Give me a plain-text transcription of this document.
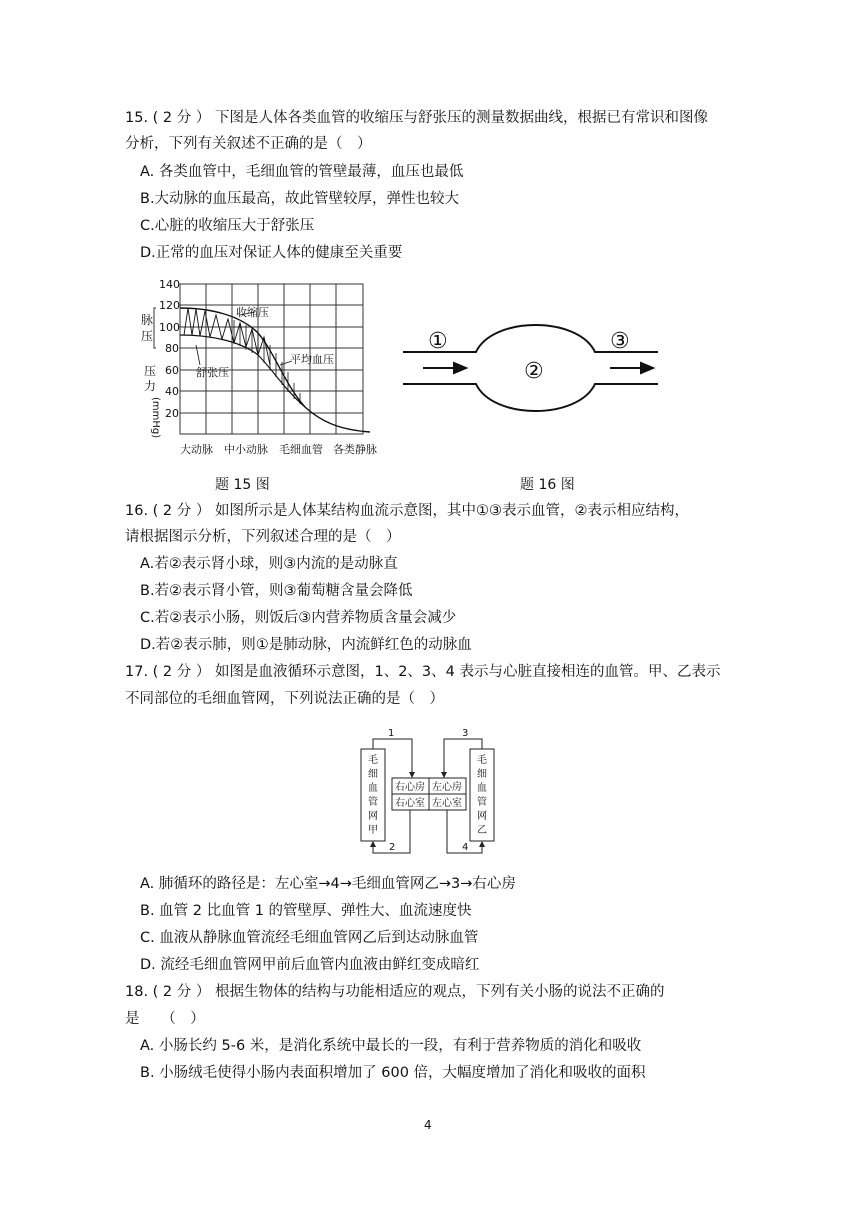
15. ( 2 分 ） 下图是人体各类血管的收缩压与舒张压的测量数据曲线，根据已有常识和图像
分析，下列有关叙述不正确的是（　）
A. 各类血管中，毛细血管的管壁最薄，血压也最低
B.大动脉的血压最高，故此管壁较厚，弹性也较大
C.心脏的收缩压大于舒张压
D.正常的血压对保证人体的健康至关重要
140
120
100
80
60
40
20
脉
压
压
力
(mmHg)
收缩压
平均血压
舒张压
大动脉 中小动脉 毛细血管 各类静脉
①
②
③
题 15 图	题 16 图
16. ( 2 分 ） 如图所示是人体某结构血流示意图，其中①③表示血管，②表示相应结构，
请根据图示分析，下列叙述合理的是（　）
A.若②表示肾小球，则③内流的是动脉直
B.若②表示肾小管，则③葡萄糖含量会降低
C.若②表示小肠，则饭后③内营养物质含量会减少
D.若②表示肺，则①是肺动脉，内流鲜红色的动脉血
17. ( 2 分 ） 如图是血液循环示意图，1、2、3、4 表示与心脏直接相连的血管。甲、乙表示
不同部位的毛细血管网，下列说法正确的是（　）
右心房 左心房
右心室 左心室
毛
细
血
管
网
甲
毛
细
血
管
网
乙
1	3
2	4
A. 肺循环的路径是：左心室→4→毛细血管网乙→3→右心房
B. 血管 2 比血管 1 的管壁厚、弹性大、血流速度快
C. 血液从静脉血管流经毛细血管网乙后到达动脉血管
D. 流经毛细血管网甲前后血管内血液由鲜红变成暗红
18. ( 2 分 ） 根据生物体的结构与功能相适应的观点，下列有关小肠的说法不正确的
是　　（　）
A. 小肠长约 5-6 米，是消化系统中最长的一段，有利于营养物质的消化和吸收
B. 小肠绒毛使得小肠内表面积增加了 600 倍，大幅度增加了消化和吸收的面积
4
